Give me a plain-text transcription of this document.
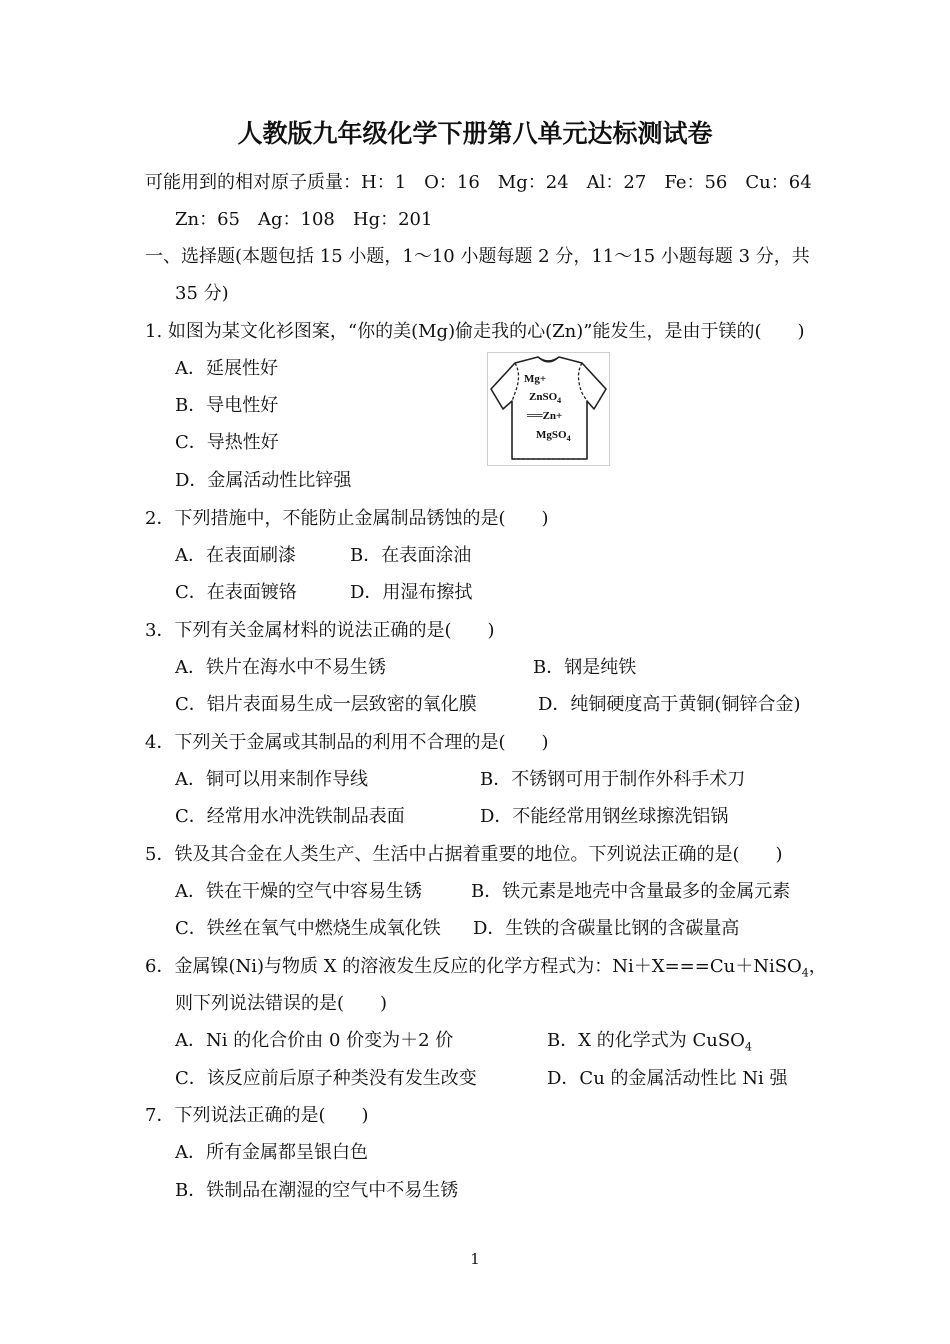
人教版九年级化学下册第八单元达标测试卷
可能用到的相对原子质量：H：1　O：16　Mg：24　Al：27　Fe：56　Cu：64
Zn：65　Ag：108　Hg：201
一、选择题(本题包括 15 小题，1～10 小题每题 2 分，11～15 小题每题 3 分，共
35 分)
1. 如图为某文化衫图案，“你的美(Mg)偷走我的心(Zn)”能发生，是由于镁的(　　)
A．延展性好
B．导电性好
C．导热性好
D．金属活动性比锌强
Mg+
ZnSO$_4$
══Zn+
MgSO$_4$
2．下列措施中，不能防止金属制品锈蚀的是(　　)
A．在表面刷漆	B．在表面涂油
C．在表面镀铬	D．用湿布擦拭
3．下列有关金属材料的说法正确的是(　　)
A．铁片在海水中不易生锈	B．钢是纯铁
C．铝片表面易生成一层致密的氧化膜	D．纯铜硬度高于黄铜(铜锌合金)
4．下列关于金属或其制品的利用不合理的是(　　)
A．铜可以用来制作导线	B．不锈钢可用于制作外科手术刀
C．经常用水冲洗铁制品表面	D．不能经常用钢丝球擦洗铝锅
5．铁及其合金在人类生产、生活中占据着重要的地位。下列说法正确的是(　　)
A．铁在干燥的空气中容易生锈	B．铁元素是地壳中含量最多的金属元素
C．铁丝在氧气中燃烧生成氧化铁 D．生铁的含碳量比钢的含碳量高
6．金属镍(Ni)与物质 X 的溶液发生反应的化学方程式为：Ni＋X===Cu＋NiSO$_4$，
则下列说法错误的是(　　)
A．Ni 的化合价由 0 价变为＋2 价	B．X 的化学式为 CuSO$_4$
C．该反应前后原子种类没有发生改变	D．Cu 的金属活动性比 Ni 强
7．下列说法正确的是(　　)
A．所有金属都呈银白色
B．铁制品在潮湿的空气中不易生锈
1
